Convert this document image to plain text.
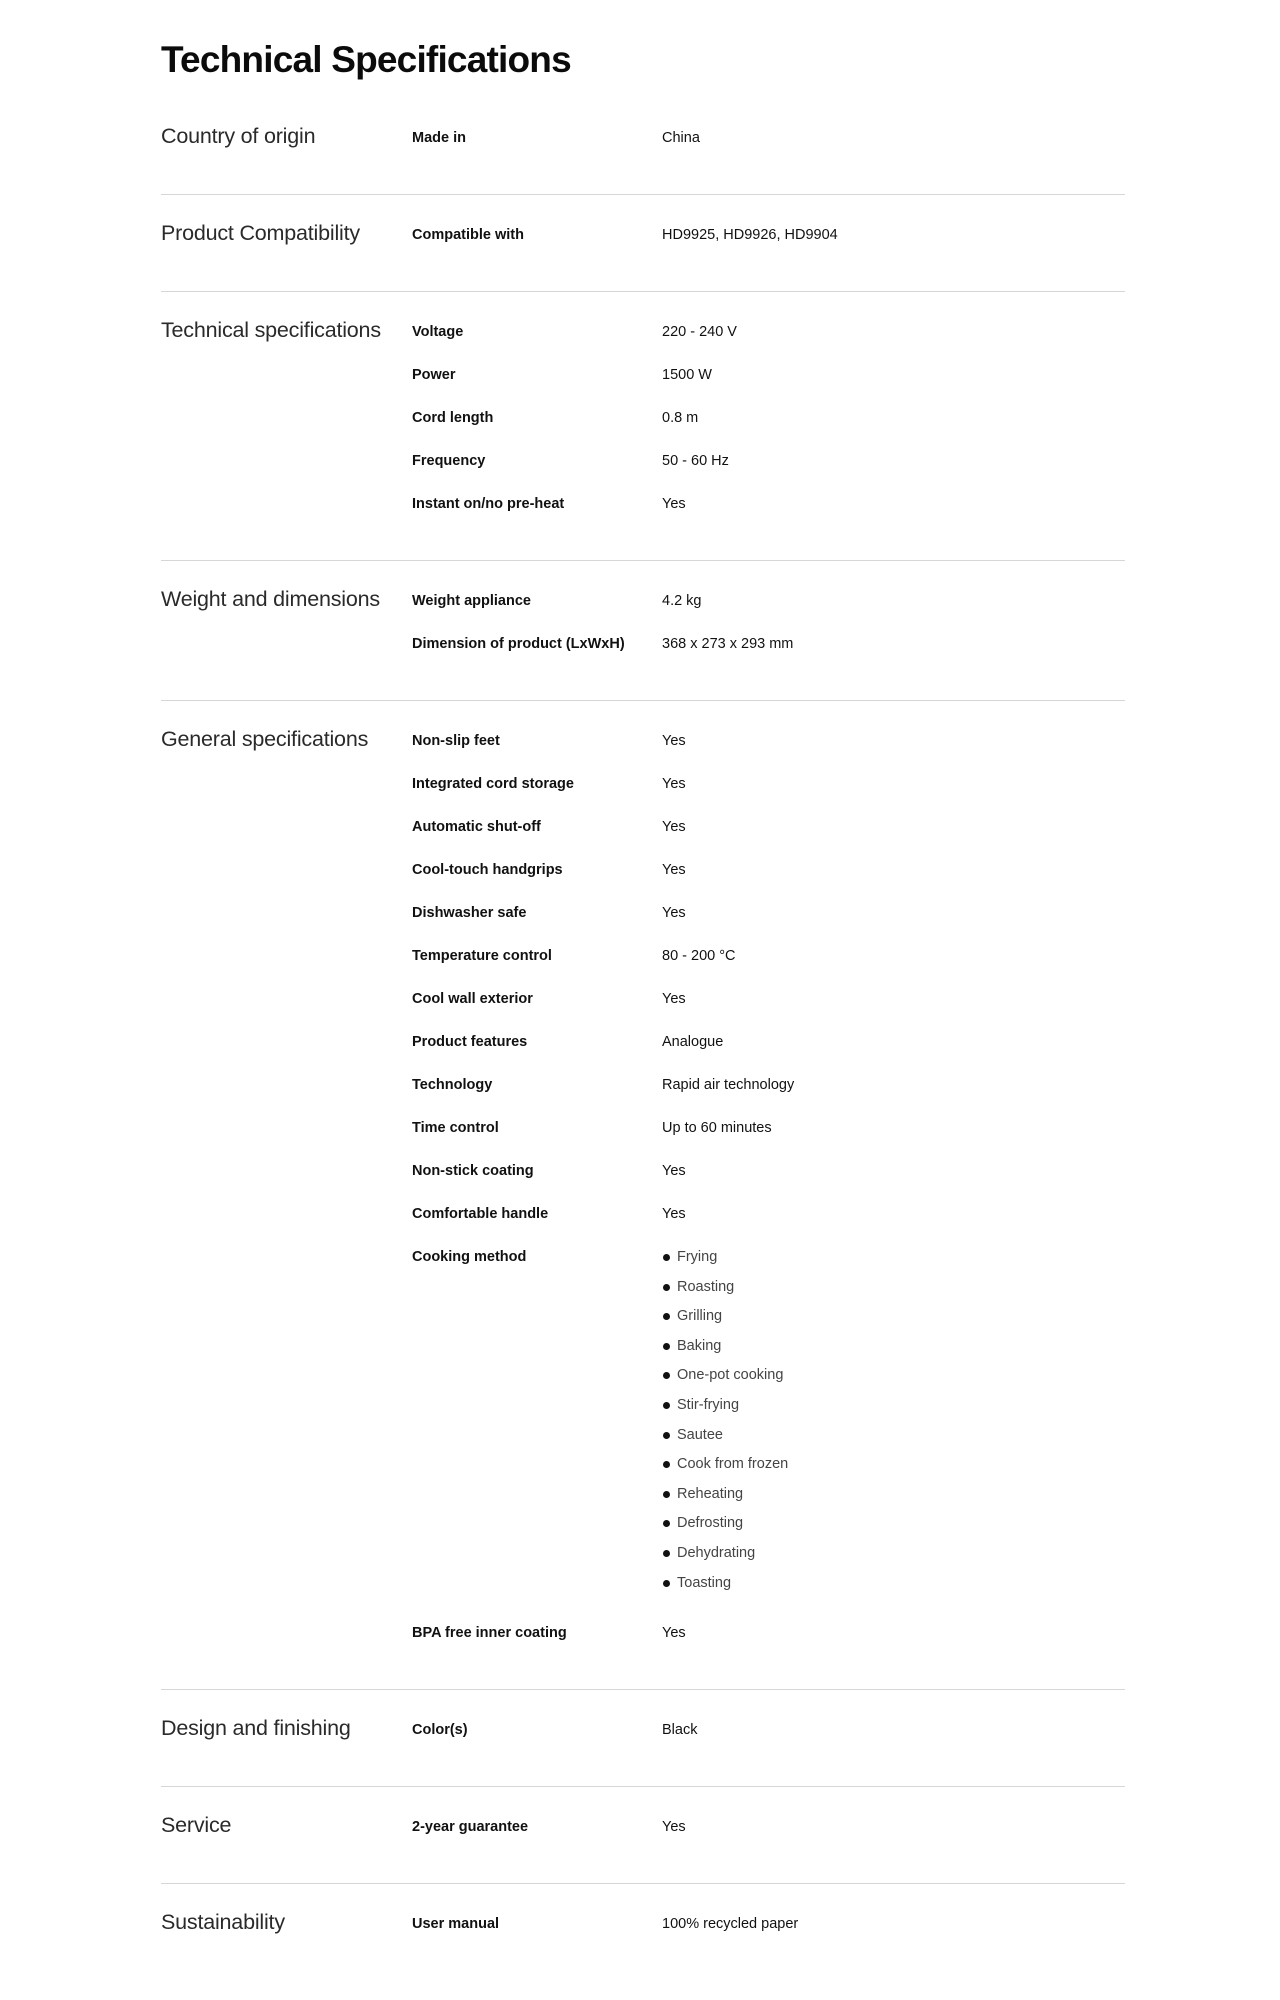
Technical Specifications
Country of origin	Made in	China
Product Compatibility	Compatible with	HD9925, HD9926, HD9904
Technical specifications	Voltage	220 - 240 V
Power	1500 W
Cord length	0.8 m
Frequency	50 - 60 Hz
Instant on/no pre-heat	Yes
Weight and dimensions	Weight appliance	4.2 kg
Dimension of product (LxWxH)	368 x 273 x 293 mm
General specifications	Non-slip feet	Yes
Integrated cord storage	Yes
Automatic shut-off	Yes
Cool-touch handgrips	Yes
Dishwasher safe	Yes
Temperature control	80 - 200 °C
Cool wall exterior	Yes
Product features	Analogue
Technology	Rapid air technology
Time control	Up to 60 minutes
Non-stick coating	Yes
Comfortable handle	Yes
Cooking method	Frying
Roasting
Grilling
Baking
One-pot cooking
Stir-frying
Sautee
Cook from frozen
Reheating
Defrosting
Dehydrating
Toasting
BPA free inner coating	Yes
Design and finishing	Color(s)	Black
Service	2-year guarantee	Yes
Sustainability	User manual	100% recycled paper
